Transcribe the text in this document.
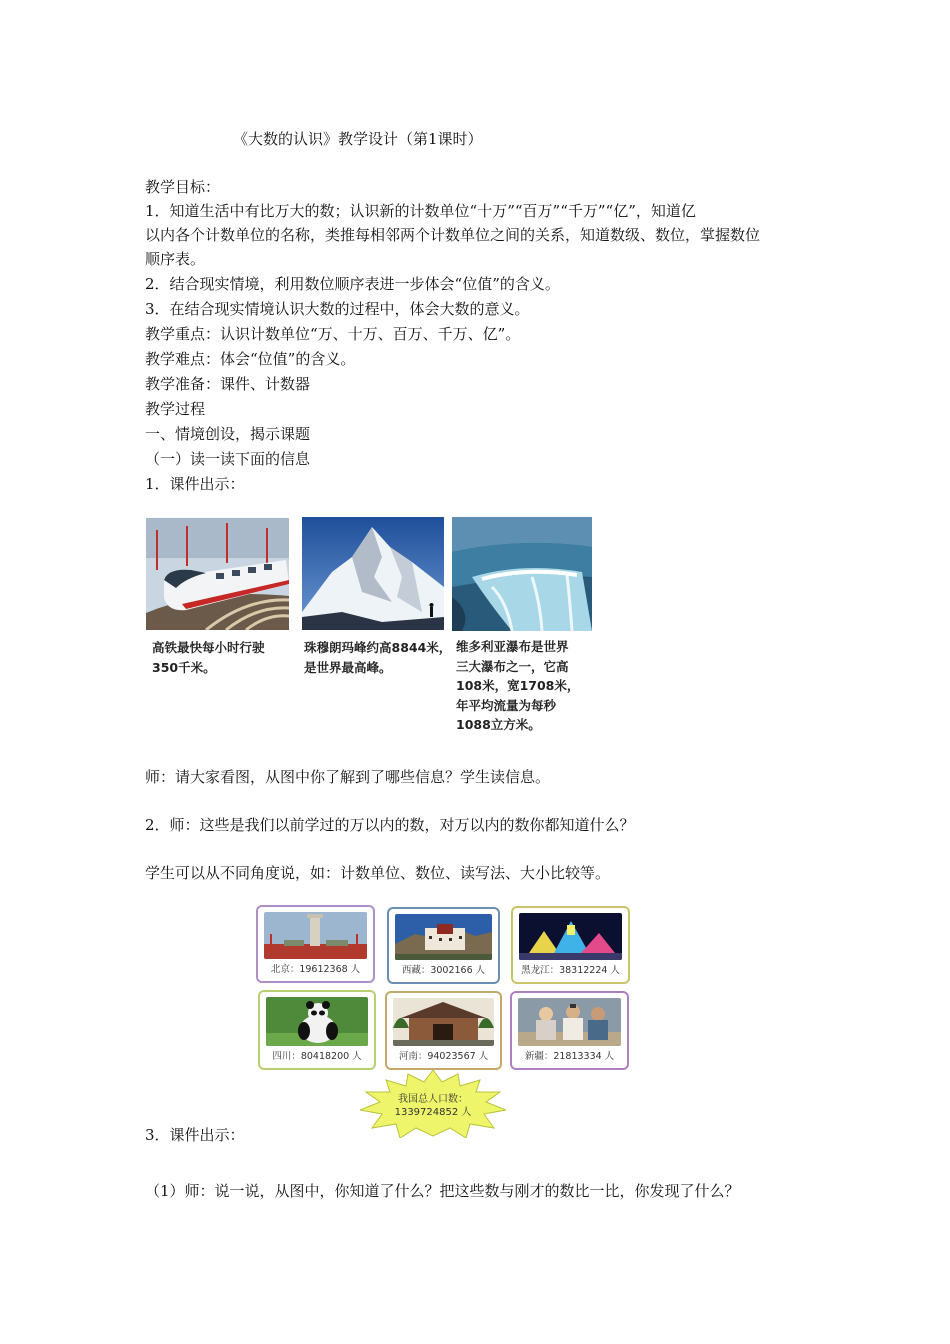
《大数的认识》教学设计（第1课时）
教学目标：
1．知道生活中有比万大的数；认识新的计数单位“十万”“百万”“千万”“亿”，知道亿
以内各个计数单位的名称，类推每相邻两个计数单位之间的关系，知道数级、数位，掌握数位
顺序表。
2．结合现实情境，利用数位顺序表进一步体会“位值”的含义。
3．在结合现实情境认识大数的过程中，体会大数的意义。
教学重点：认识计数单位“万、十万、百万、千万、亿”。
教学难点：体会“位值”的含义。
教学准备：课件、计数器
教学过程
一、情境创设，揭示课题
（一）读一读下面的信息
1．课件出示：
高铁最快每小时行驶
350千米。
珠穆朗玛峰约高8844米，
是世界最高峰。
维多利亚瀑布是世界
三大瀑布之一，它高
108米，宽1708米，
年平均流量为每秒
1088立方米。
师：请大家看图，从图中你了解到了哪些信息？学生读信息。
2．师：这些是我们以前学过的万以内的数，对万以内的数你都知道什么？
学生可以从不同角度说，如：计数单位、数位、读写法、大小比较等。
北京：19612368 人	西藏：3002166 人	黑龙江：38312224 人
四川：80418200 人	河南：94023567 人	新疆：21813334 人
我国总人口数：
1339724852 人
3．课件出示：
（1）师：说一说，从图中，你知道了什么？把这些数与刚才的数比一比，你发现了什么？
